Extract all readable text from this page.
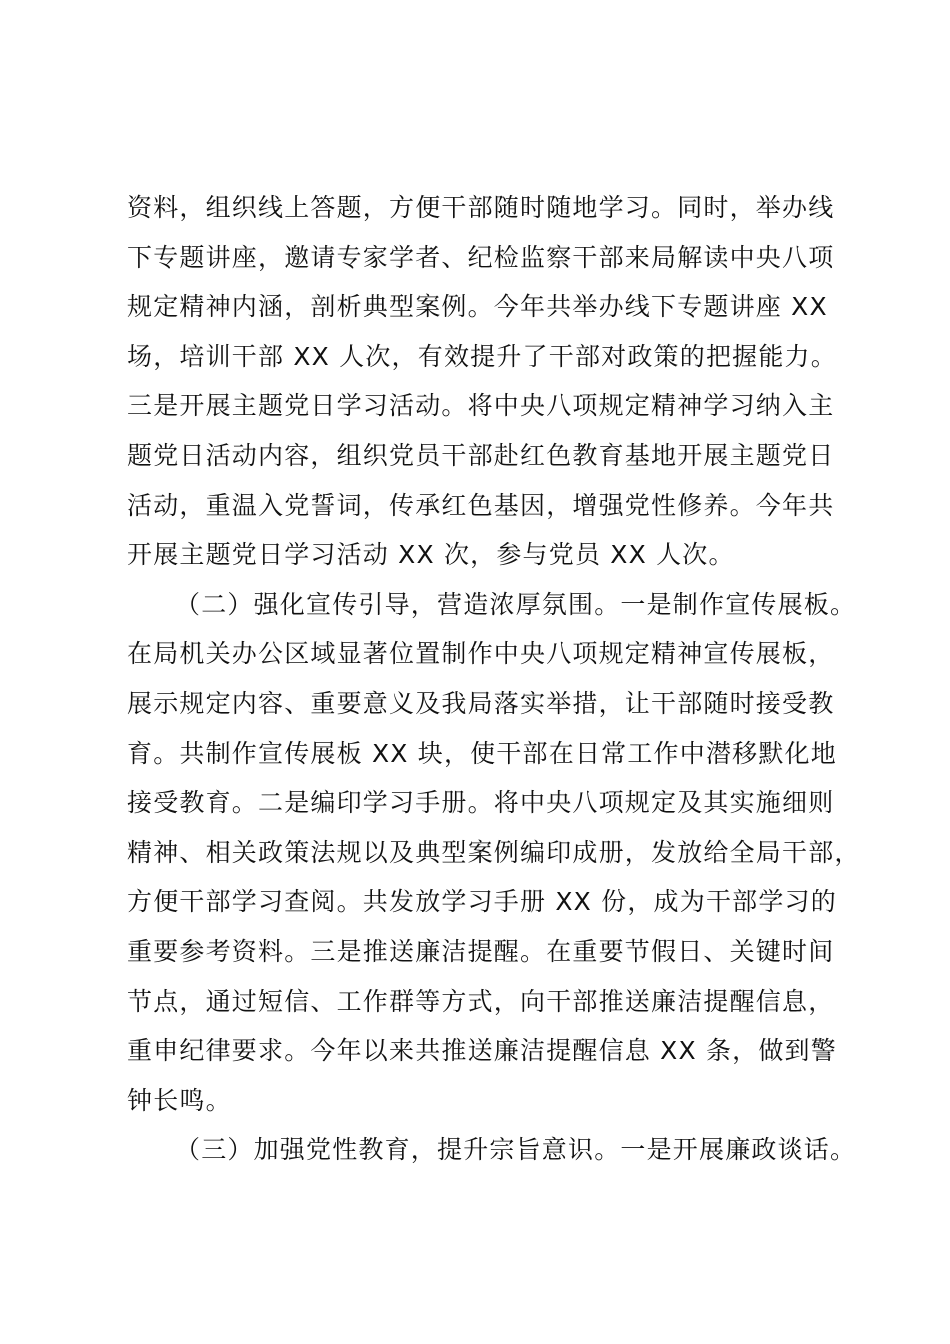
资料，组织线上答题，方便干部随时随地学习。同时，举办线
下专题讲座，邀请专家学者、纪检监察干部来局解读中央八项
规定精神内涵，剖析典型案例。今年共举办线下专题讲座 XX
场，培训干部 XX 人次，有效提升了干部对政策的把握能力。
三是开展主题党日学习活动。将中央八项规定精神学习纳入主
题党日活动内容，组织党员干部赴红色教育基地开展主题党日
活动，重温入党誓词，传承红色基因，增强党性修养。今年共
开展主题党日学习活动 XX 次，参与党员 XX 人次。
（二）强化宣传引导，营造浓厚氛围。一是制作宣传展板。
在局机关办公区域显著位置制作中央八项规定精神宣传展板，
展示规定内容、重要意义及我局落实举措，让干部随时接受教
育。共制作宣传展板 XX 块，使干部在日常工作中潜移默化地
接受教育。二是编印学习手册。将中央八项规定及其实施细则
精神、相关政策法规以及典型案例编印成册，发放给全局干部，
方便干部学习查阅。共发放学习手册 XX 份，成为干部学习的
重要参考资料。三是推送廉洁提醒。在重要节假日、关键时间
节点，通过短信、工作群等方式，向干部推送廉洁提醒信息，
重申纪律要求。今年以来共推送廉洁提醒信息 XX 条，做到警
钟长鸣。
（三）加强党性教育，提升宗旨意识。一是开展廉政谈话。
